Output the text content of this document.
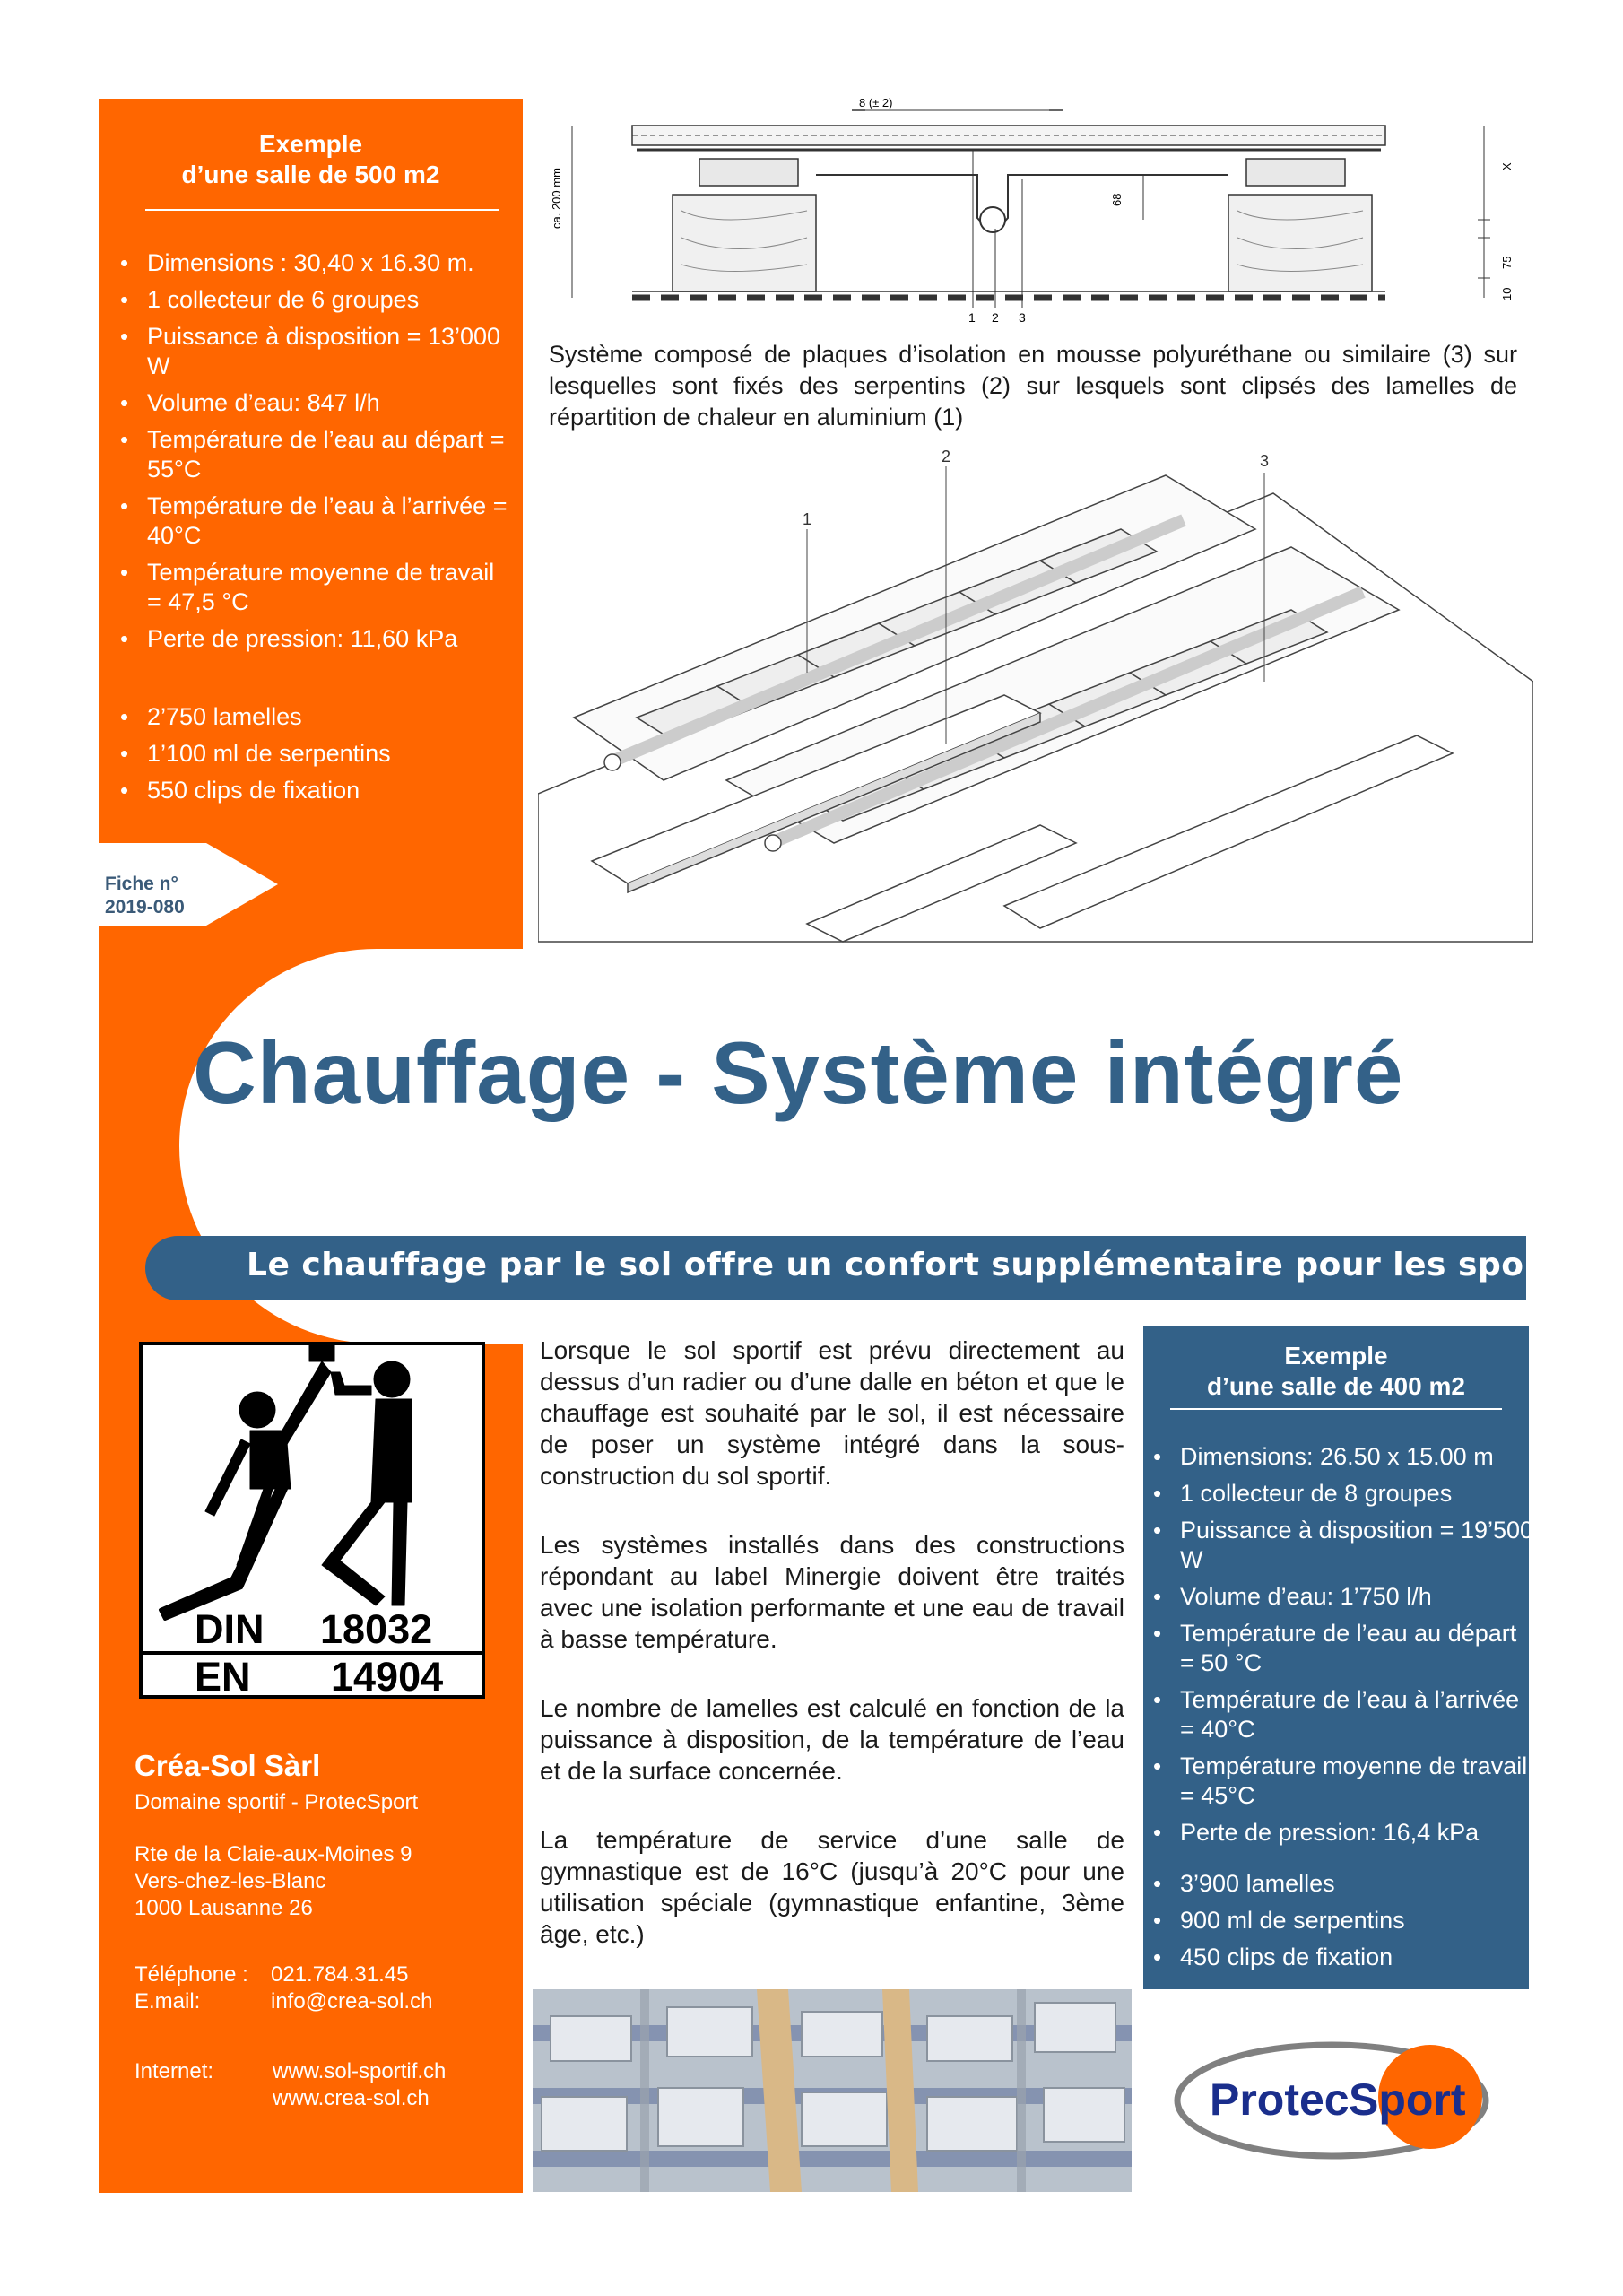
Exemple
d’une salle de 500 m2
• Dimensions : 30,40 x 16.30 m.
• 1 collecteur de 6 groupes
• Puissance à disposition = 13’000 W
• Volume d’eau: 847 l/h
• Température de l’eau au départ = 55°C
• Température de l’eau à l’arrivée = 40°C
• Température moyenne de travail = 47,5 °C
• Perte de pression: 11,60 kPa
• 2’750 lamelles
• 1’100 ml de serpentins
• 550 clips de fixation
Fiche n°
2019-080
8 (± 2)
ca. 200 mm	68
X
75
10
1 2 3
Système composé de plaques d’isolation en mousse polyuréthane ou similaire (3) sur lesquelles sont fixés des serpentins (2) sur lesquels sont clipsés des lamelles de répartition de chaleur en aluminium (1)
1
2	3
Chauffage - Système intégré
Le chauffage par le sol offre un confort supplémentaire pour les sportifs
DIN 18032
EN 14904
Créa-Sol Sàrl
Domaine sportif - ProtecSport
Rte de la Claie-aux-Moines 9
Vers-chez-les-Blanc
1000 Lausanne 26
Téléphone : 021.784.31.45
E.mail:	info@crea-sol.ch
Internet:	www.sol-sportif.ch
www.crea-sol.ch

Lorsque le sol sportif est prévu directement au dessus d’un radier ou d’une dalle en béton et que le chauffage est souhaité par le sol, il est nécessaire de poser un système intégré dans la sous-construction du sol sportif.

Les systèmes installés dans des constructions répondant au label Minergie doivent être traités avec une isolation performante et une eau de travail à basse température.

Le nombre de lamelles est calculé en fonction de la puissance à disposition, de la température de l’eau et de la surface concernée.

La température de service d’une salle de gymnastique est de 16°C (jusqu’à 20°C pour une utilisation spéciale (gymnastique enfantine, 3ème âge, etc.)

Exemple
d’une salle de 400 m2
• Dimensions: 26.50 x 15.00 m
• 1 collecteur de 8 groupes
• Puissance à disposition = 19’500 W
• Volume d’eau: 1’750 l/h
• Température de l’eau au départ = 50 °C
• Température de l’eau à l’arrivée = 40°C
• Température moyenne de travail = 45°C
• Perte de pression: 16,4 kPa
• 3’900 lamelles
• 900 ml de serpentins
• 450 clips de fixation
Protec Sport
